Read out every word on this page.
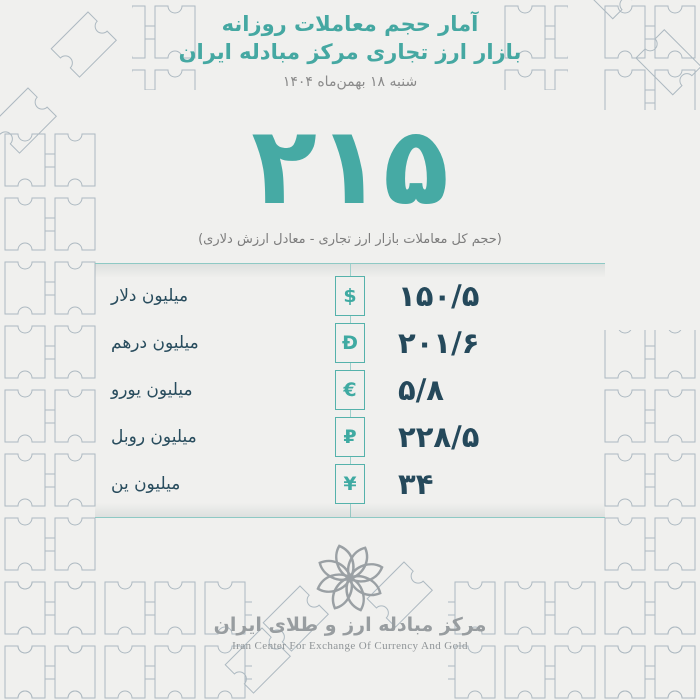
آمار حجم معاملات روزانه
بازار ارز تجاری مرکز مبادله ایران
شنبه ۱۸ بهمن‌ماه ۱۴۰۴
۲۱۵
(حجم کل معاملات بازار ارز تجاری - معادل ارزش دلاری)
میلیون دلار	$	۱۵۰/۵
میلیون درهم	Đ	۲۰۱/۶
میلیون یورو	€	۵/۸
میلیون روبل	₽	۲۲۸/۵
میلیون ین	¥	۳۴
مرکز مبادله ارز و طلای ایران
Iran Center For Exchange Of Currency And Gold
